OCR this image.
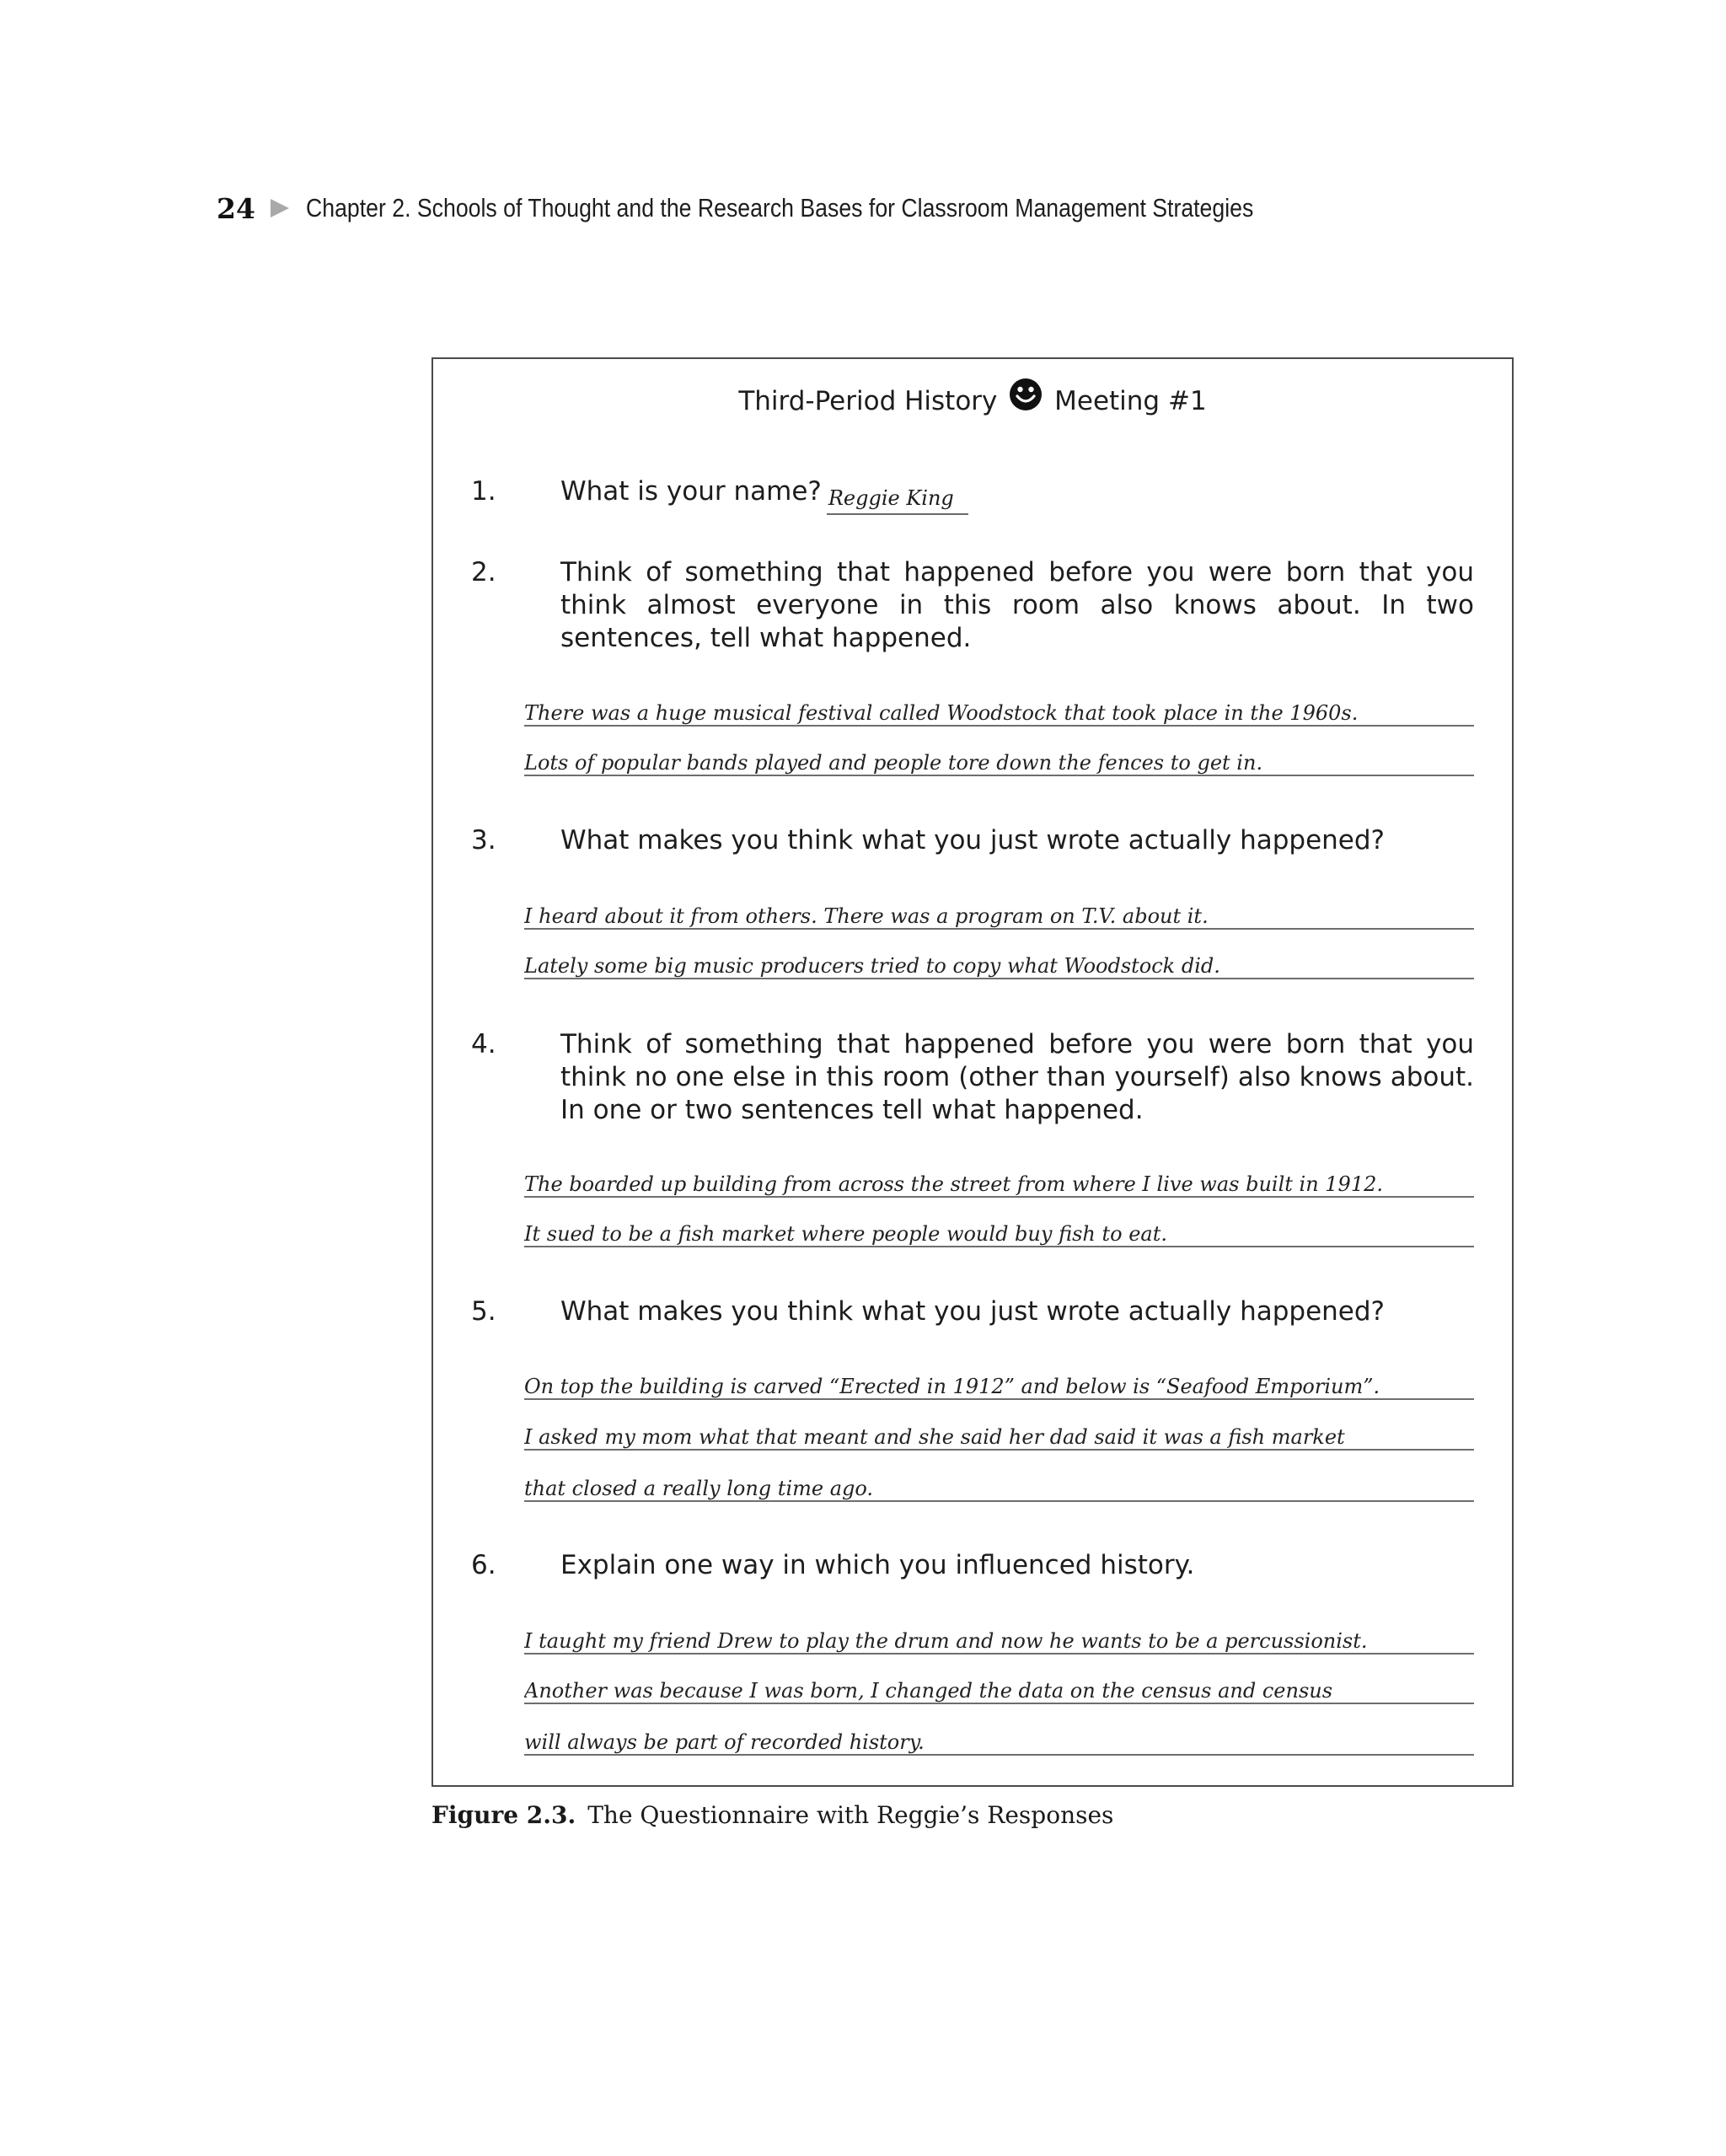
24 Chapter 2. Schools of Thought and the Research Bases for Classroom Management Strategies
Third-Period History Meeting #1
1. What is your name? Reggie King
2. Think of something that happened before you were born that you think almost everyone in this room also knows about. In two sentences, tell what happened.
There was a huge musical festival called Woodstock that took place in the 1960s.
Lots of popular bands played and people tore down the fences to get in.
3. What makes you think what you just wrote actually happened?
I heard about it from others. There was a program on T.V. about it.
Lately some big music producers tried to copy what Woodstock did.
4. Think of something that happened before you were born that you think no one else in this room (other than yourself) also knows about. In one or two sentences tell what happened.
The boarded up building from across the street from where I live was built in 1912.
It sued to be a fish market where people would buy fish to eat.
5. What makes you think what you just wrote actually happened?
On top the building is carved “Erected in 1912” and below is “Seafood Emporium”.
I asked my mom what that meant and she said her dad said it was a fish market
that closed a really long time ago.
6. Explain one way in which you influenced history.
I taught my friend Drew to play the drum and now he wants to be a percussionist.
Another was because I was born, I changed the data on the census and census
will always be part of recorded history.
Figure 2.3. The Questionnaire with Reggie’s Responses
